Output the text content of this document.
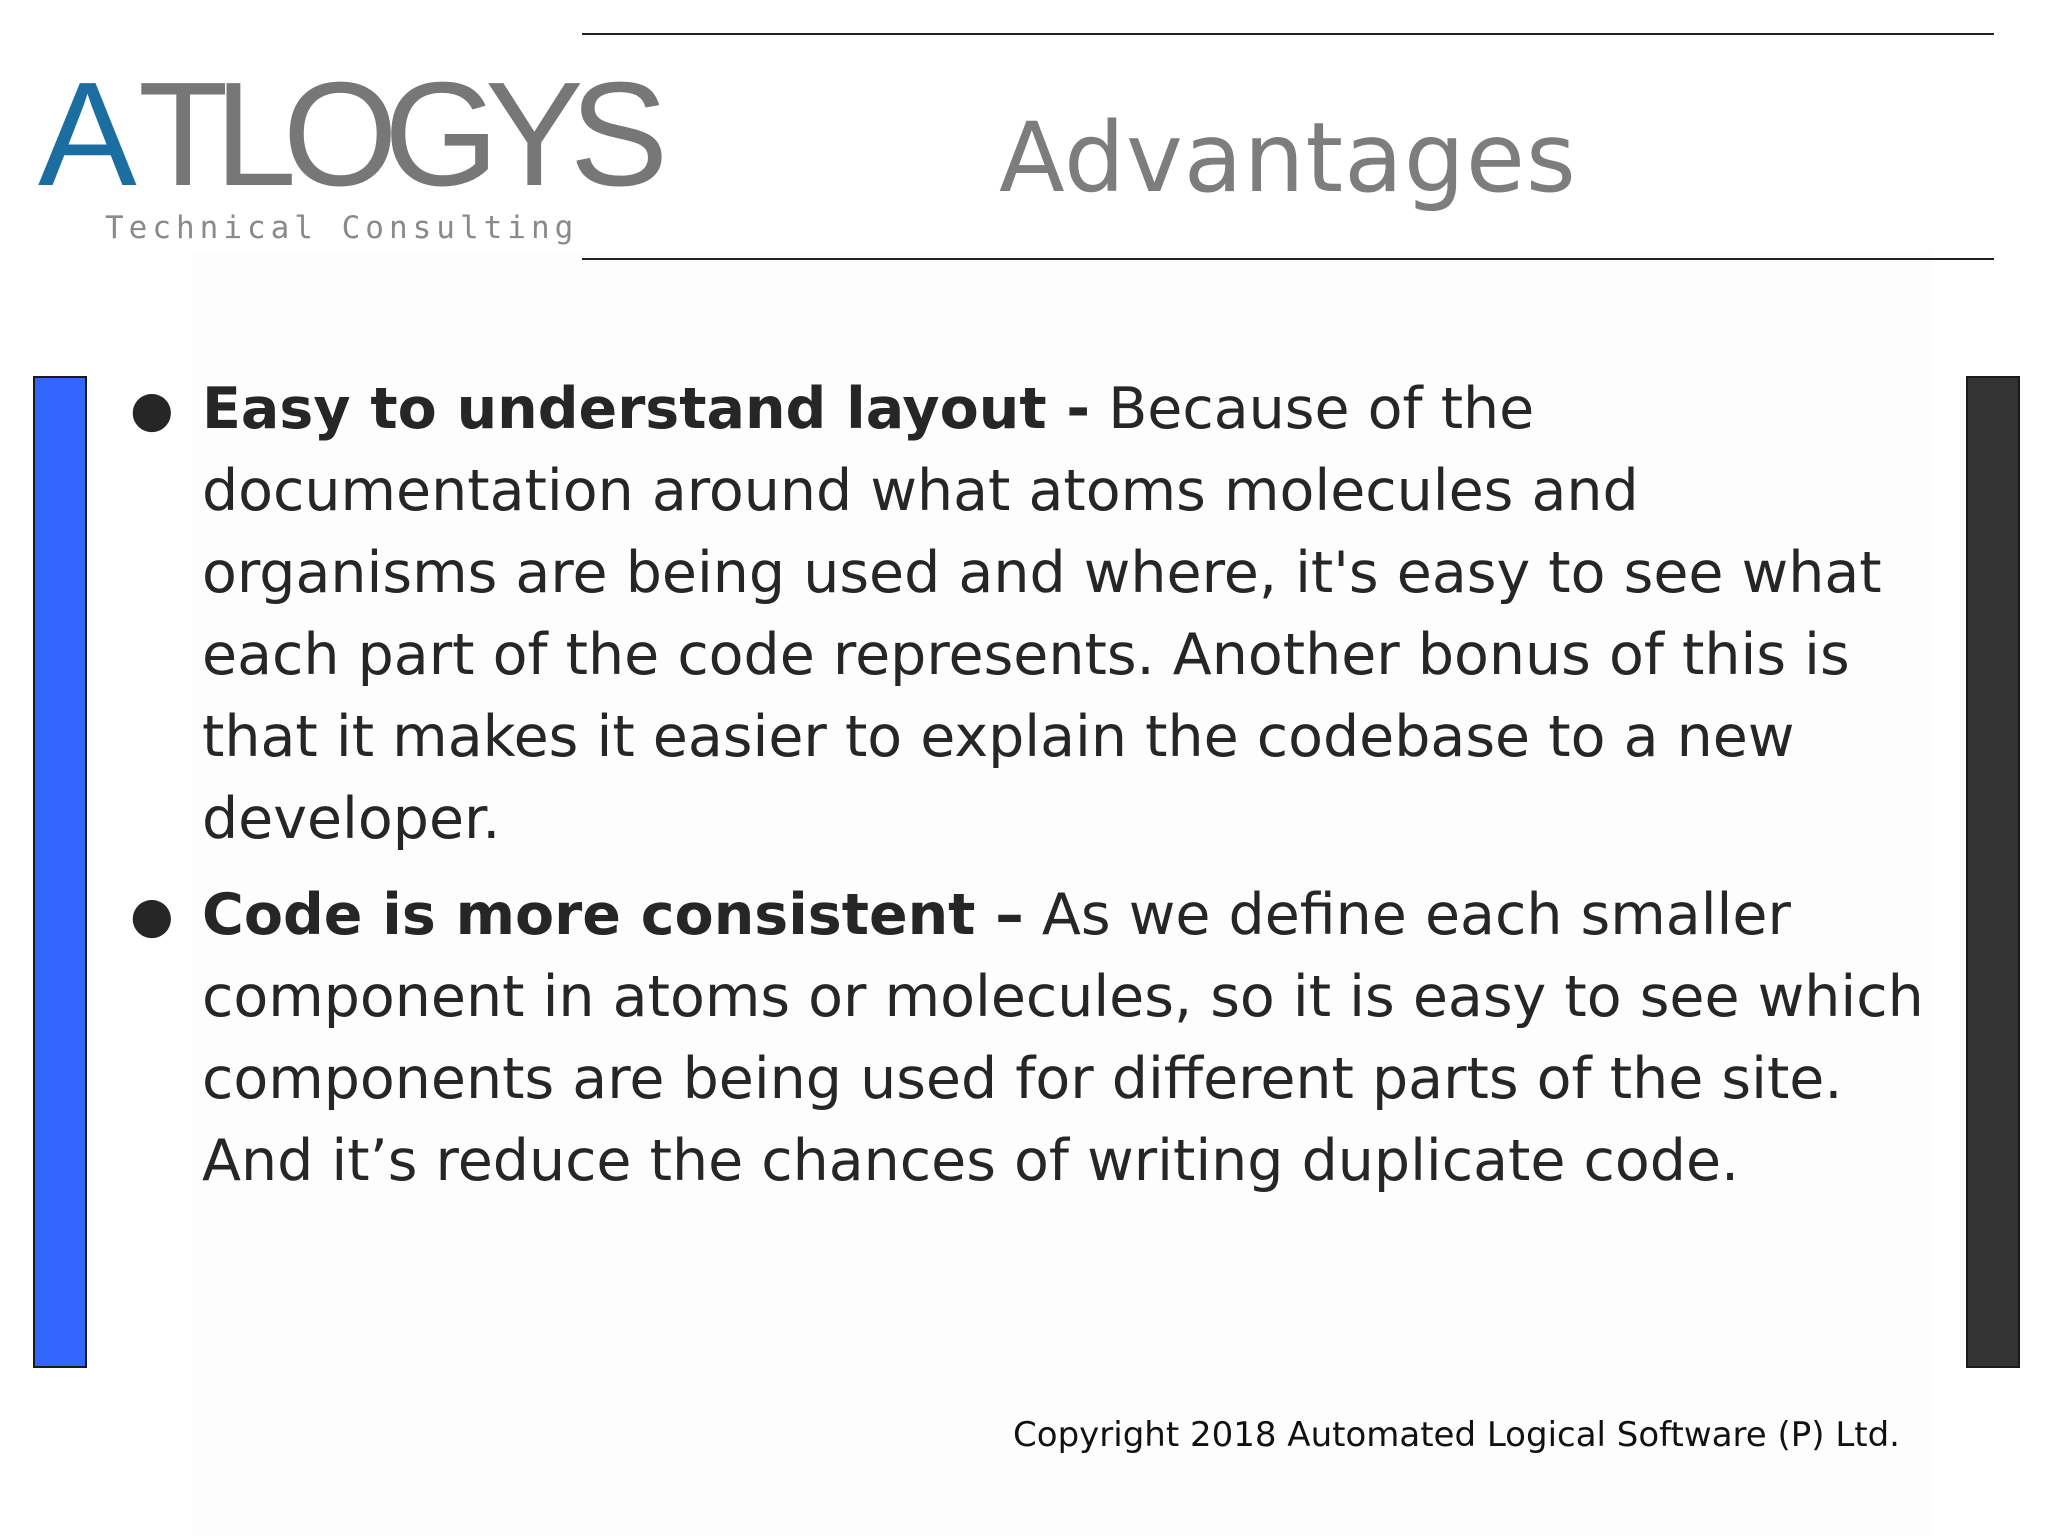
A TLOGYS
Technical Consulting
Advantages
● Easy to understand layout - Because of the documentation around what atoms molecules and organisms are being used and where, it's easy to see what each part of the code represents. Another bonus of this is that it makes it easier to explain the codebase to a new developer.
● Code is more consistent – As we define each smaller component in atoms or molecules, so it is easy to see which components are being used for different parts of the site. And it’s reduce the chances of writing duplicate code.
Copyright 2018 Automated Logical Software (P) Ltd.
